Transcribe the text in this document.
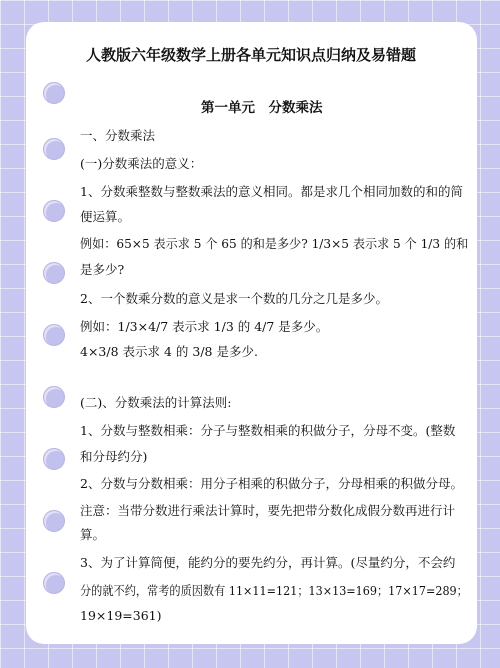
人教版六年级数学上册各单元知识点归纳及易错题
第一单元　分数乘法
一、分数乘法
(一)分数乘法的意义：
1、分数乘整数与整数乘法的意义相同。都是求几个相同加数的和的简
便运算。
例如：65×5 表示求 5 个 65 的和是多少? 1/3×5 表示求 5 个 1/3 的和
是多少?
2、一个数乘分数的意义是求一个数的几分之几是多少。
例如：1/3×4/7 表示求 1/3 的 4/7 是多少。
4×3/8 表示求 4 的 3/8 是多少.
(二)、分数乘法的计算法则:
1、分数与整数相乘：分子与整数相乘的积做分子，分母不变。(整数
和分母约分)
2、分数与分数相乘：用分子相乘的积做分子，分母相乘的积做分母。
注意：当带分数进行乘法计算时，要先把带分数化成假分数再进行计
算。
3、为了计算简便，能约分的要先约分，再计算。(尽量约分，不会约
分的就不约，常考的质因数有 11×11=121；13×13=169；17×17=289；
19×19=361)
